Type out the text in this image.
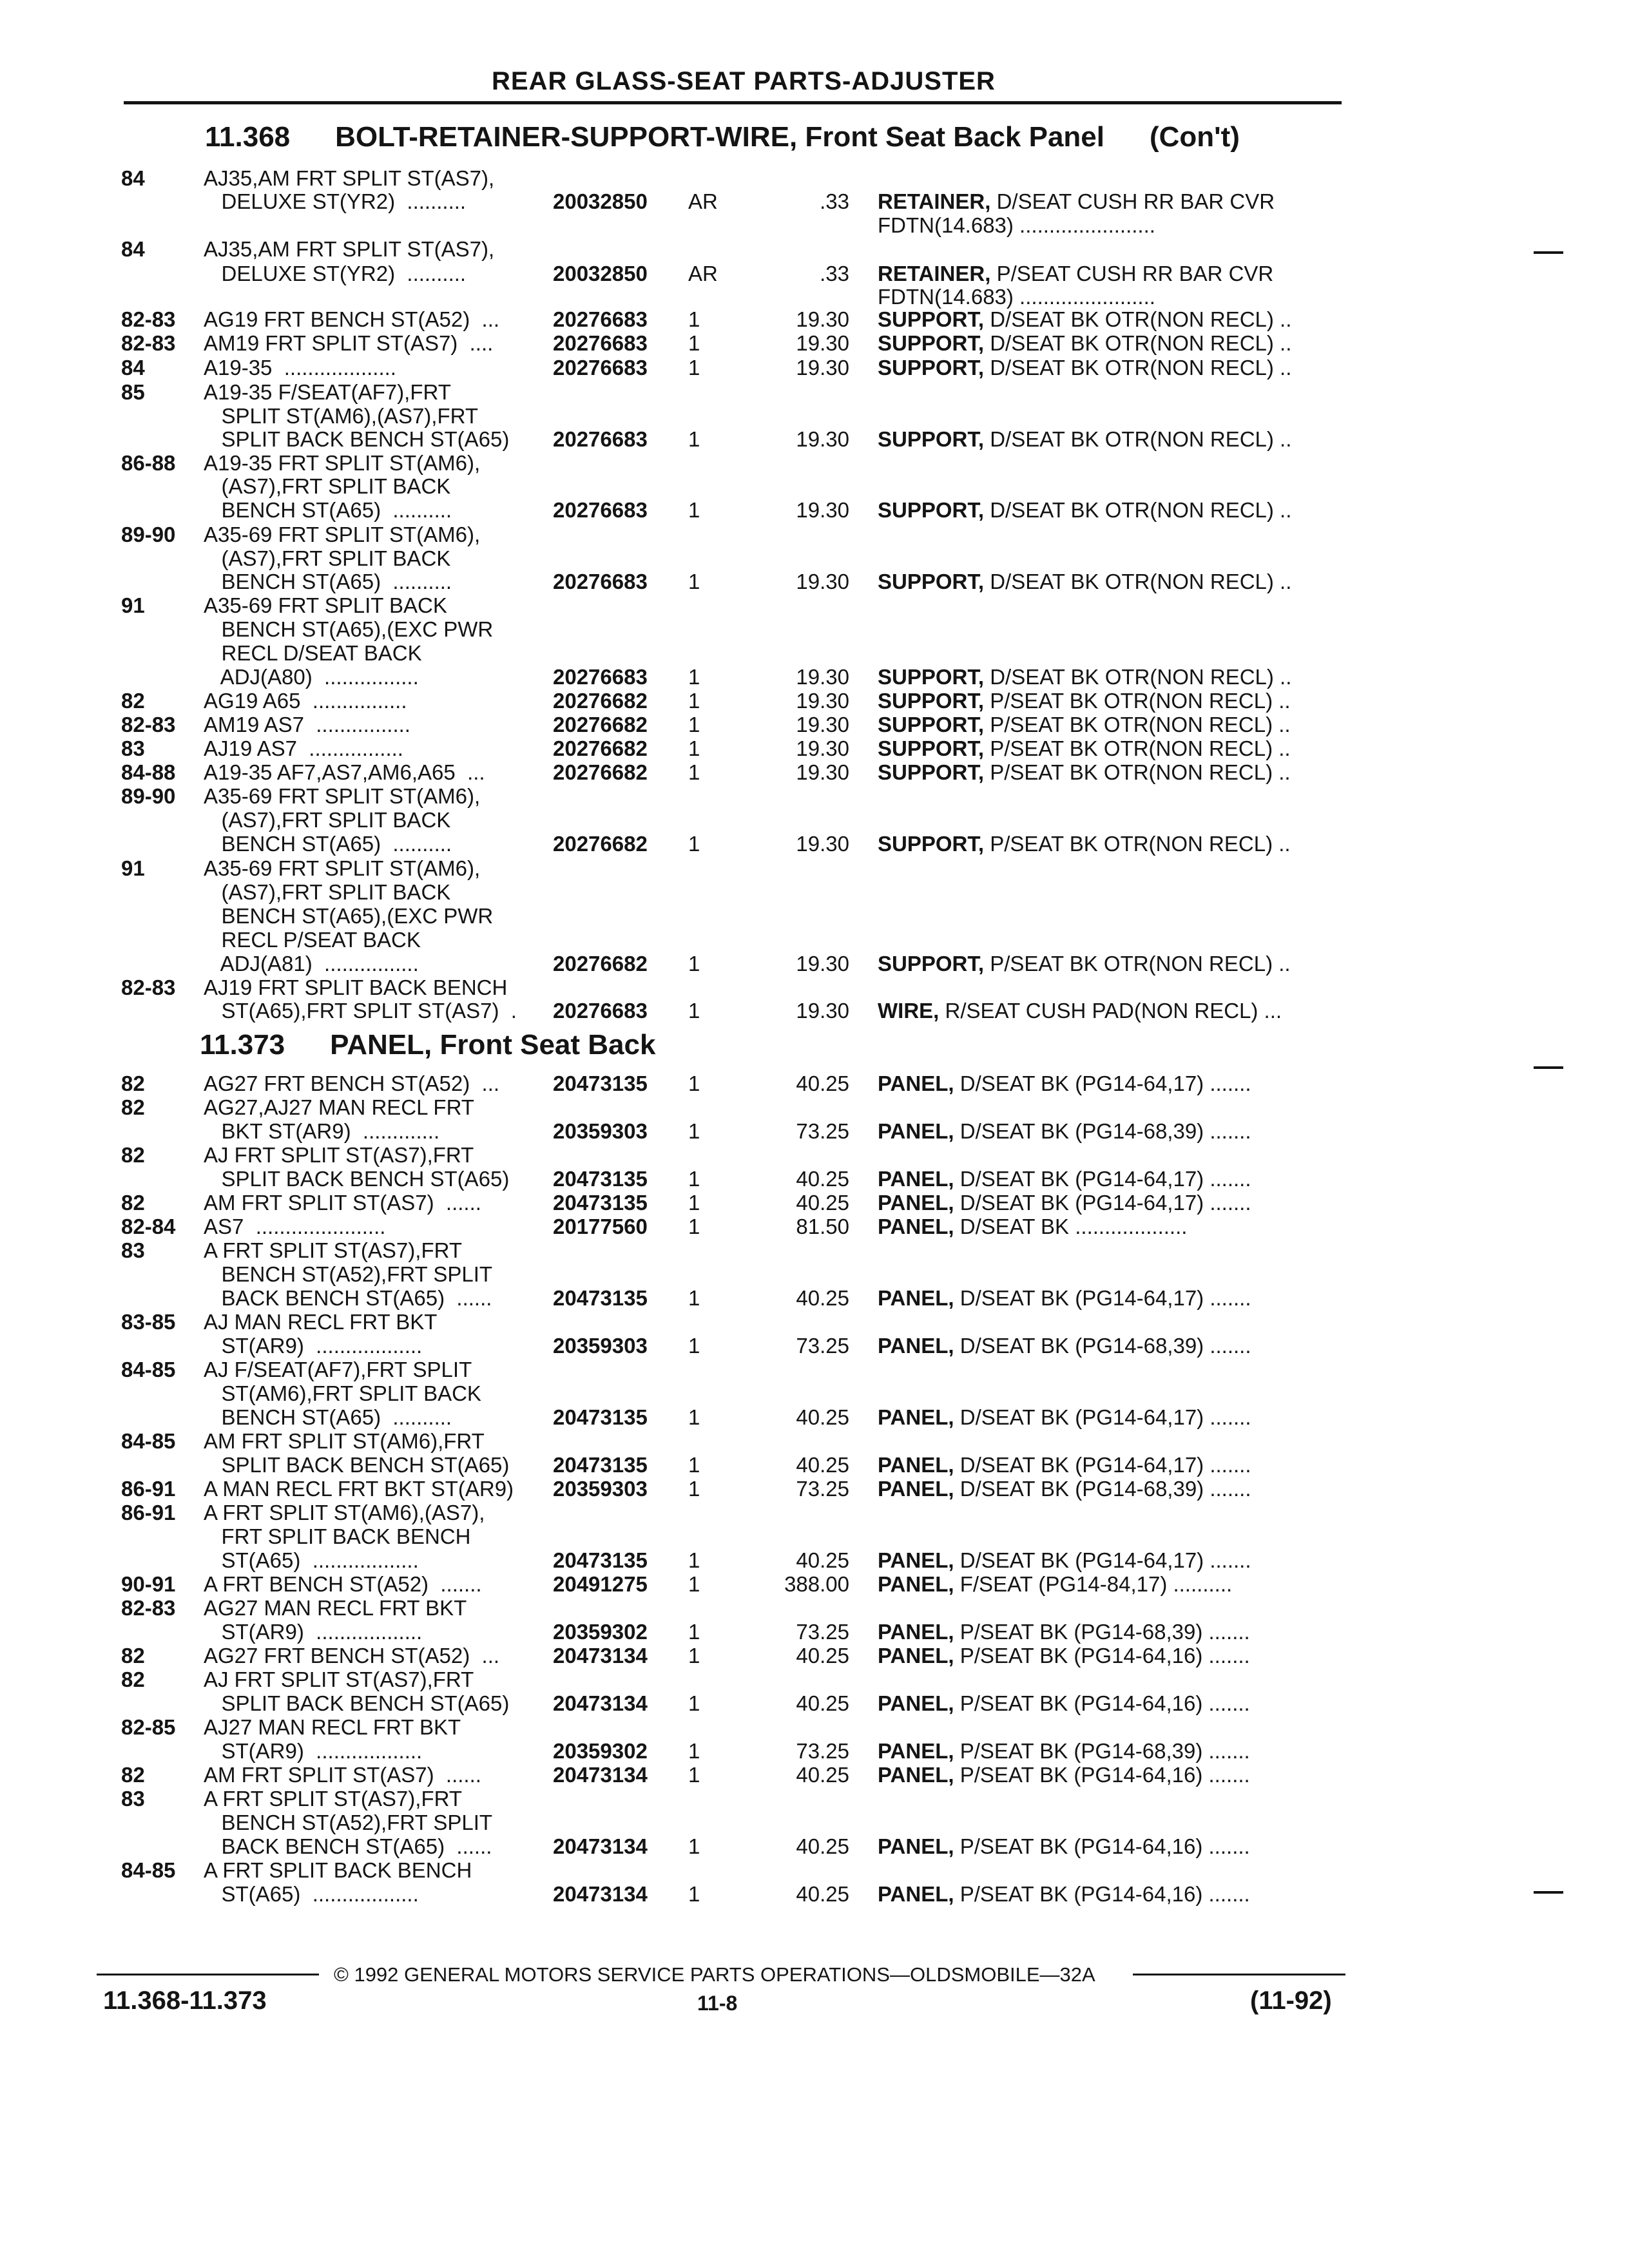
REAR GLASS-SEAT PARTS-ADJUSTER
11.368 BOLT-RETAINER-SUPPORT-WIRE, Front Seat Back Panel (Con't)
11.373 PANEL, Front Seat Back
84	AJ35,AM FRT SPLIT ST(AS7),
DELUXE ST(YR2)  ..........	20032850 AR	.33 RETAINER, D/SEAT CUSH RR BAR CVR
FDTN(14.683) .......................
84	AJ35,AM FRT SPLIT ST(AS7),
DELUXE ST(YR2)  ..........	20032850 AR	.33 RETAINER, P/SEAT CUSH RR BAR CVR
FDTN(14.683) .......................
82-83 AG19 FRT BENCH ST(A52)  ...	20276683 1	19.30 SUPPORT, D/SEAT BK OTR(NON RECL) ..
82-83 AM19 FRT SPLIT ST(AS7)  ....	20276683 1	19.30 SUPPORT, D/SEAT BK OTR(NON RECL) ..
84	A19-35  ...................	20276683 1	19.30 SUPPORT, D/SEAT BK OTR(NON RECL) ..
85	A19-35 F/SEAT(AF7),FRT
SPLIT ST(AM6),(AS7),FRT
SPLIT BACK BENCH ST(A65) 20276683 1	19.30 SUPPORT, D/SEAT BK OTR(NON RECL) ..
86-88 A19-35 FRT SPLIT ST(AM6),
(AS7),FRT SPLIT BACK
BENCH ST(A65)  ..........	20276683 1	19.30 SUPPORT, D/SEAT BK OTR(NON RECL) ..
89-90 A35-69 FRT SPLIT ST(AM6),
(AS7),FRT SPLIT BACK
BENCH ST(A65)  ..........	20276683 1	19.30 SUPPORT, D/SEAT BK OTR(NON RECL) ..
91	A35-69 FRT SPLIT BACK
BENCH ST(A65),(EXC PWR
RECL D/SEAT BACK
ADJ(A80)  ................	20276683 1	19.30 SUPPORT, D/SEAT BK OTR(NON RECL) ..
82	AG19 A65  ................	20276682 1	19.30 SUPPORT, P/SEAT BK OTR(NON RECL) ..
82-83 AM19 AS7  ................	20276682 1	19.30 SUPPORT, P/SEAT BK OTR(NON RECL) ..
83	AJ19 AS7  ................	20276682 1	19.30 SUPPORT, P/SEAT BK OTR(NON RECL) ..
84-88 A19-35 AF7,AS7,AM6,A65  ...	20276682 1	19.30 SUPPORT, P/SEAT BK OTR(NON RECL) ..
89-90 A35-69 FRT SPLIT ST(AM6),
(AS7),FRT SPLIT BACK
BENCH ST(A65)  ..........	20276682 1	19.30 SUPPORT, P/SEAT BK OTR(NON RECL) ..
91	A35-69 FRT SPLIT ST(AM6),
(AS7),FRT SPLIT BACK
BENCH ST(A65),(EXC PWR
RECL P/SEAT BACK
ADJ(A81)  ................	20276682 1	19.30 SUPPORT, P/SEAT BK OTR(NON RECL) ..
82-83 AJ19 FRT SPLIT BACK BENCH
ST(A65),FRT SPLIT ST(AS7)  . 20276683 1	19.30 WIRE, R/SEAT CUSH PAD(NON RECL) ...
82	AG27 FRT BENCH ST(A52)  ...	20473135 1	40.25 PANEL, D/SEAT BK (PG14-64,17) .......
82	AG27,AJ27 MAN RECL FRT
BKT ST(AR9)  .............	20359303 1	73.25 PANEL, D/SEAT BK (PG14-68,39) .......
82	AJ FRT SPLIT ST(AS7),FRT
SPLIT BACK BENCH ST(A65) 20473135 1	40.25 PANEL, D/SEAT BK (PG14-64,17) .......
82	AM FRT SPLIT ST(AS7)  ......	20473135 1	40.25 PANEL, D/SEAT BK (PG14-64,17) .......
82-84 AS7  ......................	20177560 1	81.50 PANEL, D/SEAT BK ...................
83	A FRT SPLIT ST(AS7),FRT
BENCH ST(A52),FRT SPLIT
BACK BENCH ST(A65)  ......	20473135 1	40.25 PANEL, D/SEAT BK (PG14-64,17) .......
83-85 AJ MAN RECL FRT BKT
ST(AR9)  ..................	20359303 1	73.25 PANEL, D/SEAT BK (PG14-68,39) .......
84-85 AJ F/SEAT(AF7),FRT SPLIT
ST(AM6),FRT SPLIT BACK
BENCH ST(A65)  ..........	20473135 1	40.25 PANEL, D/SEAT BK (PG14-64,17) .......
84-85 AM FRT SPLIT ST(AM6),FRT
SPLIT BACK BENCH ST(A65) 20473135 1	40.25 PANEL, D/SEAT BK (PG14-64,17) .......
86-91 A MAN RECL FRT BKT ST(AR9) 20359303 1	73.25 PANEL, D/SEAT BK (PG14-68,39) .......
86-91 A FRT SPLIT ST(AM6),(AS7),
FRT SPLIT BACK BENCH
ST(A65)  ..................	20473135 1	40.25 PANEL, D/SEAT BK (PG14-64,17) .......
90-91 A FRT BENCH ST(A52)  .......	20491275 1	388.00 PANEL, F/SEAT (PG14-84,17) ..........
82-83 AG27 MAN RECL FRT BKT
ST(AR9)  ..................	20359302 1	73.25 PANEL, P/SEAT BK (PG14-68,39) .......
82	AG27 FRT BENCH ST(A52)  ...	20473134 1	40.25 PANEL, P/SEAT BK (PG14-64,16) .......
82	AJ FRT SPLIT ST(AS7),FRT
SPLIT BACK BENCH ST(A65) 20473134 1	40.25 PANEL, P/SEAT BK (PG14-64,16) .......
82-85 AJ27 MAN RECL FRT BKT
ST(AR9)  ..................	20359302 1	73.25 PANEL, P/SEAT BK (PG14-68,39) .......
82	AM FRT SPLIT ST(AS7)  ......	20473134 1	40.25 PANEL, P/SEAT BK (PG14-64,16) .......
83	A FRT SPLIT ST(AS7),FRT
BENCH ST(A52),FRT SPLIT
BACK BENCH ST(A65)  ......	20473134 1	40.25 PANEL, P/SEAT BK (PG14-64,16) .......
84-85 A FRT SPLIT BACK BENCH
ST(A65)  ..................	20473134 1	40.25 PANEL, P/SEAT BK (PG14-64,16) .......
© 1992 GENERAL MOTORS SERVICE PARTS OPERATIONS—OLDSMOBILE—32A
11.368-11.373	11-8	(11-92)
